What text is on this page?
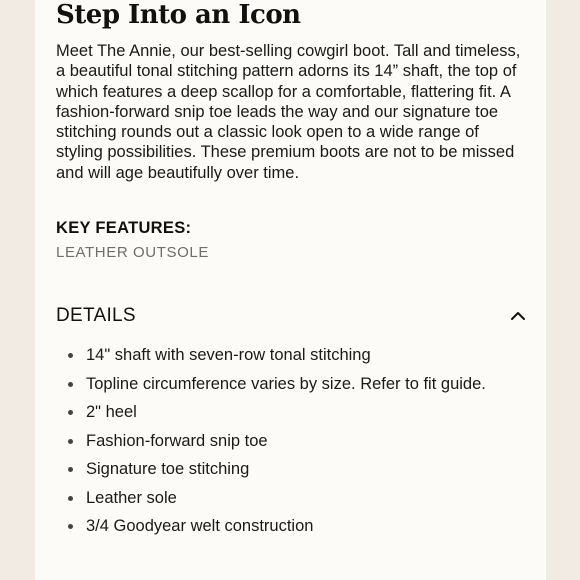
Step Into an Icon

Meet The Annie, our best-selling cowgirl boot. Tall and timeless, a beautiful tonal stitching pattern adorns its 14” shaft, the top of which features a deep scallop for a comfortable, flattering fit. A fashion-forward snip toe leads the way and our signature toe stitching rounds out a classic look open to a wide range of styling possibilities. These premium boots are not to be missed and will age beautifully over time.

KEY FEATURES:
LEATHER OUTSOLE
DETAILS
14" shaft with seven-row tonal stitching
Topline circumference varies by size. Refer to fit guide.
2" heel
Fashion-forward snip toe
Signature toe stitching
Leather sole
3/4 Goodyear welt construction
